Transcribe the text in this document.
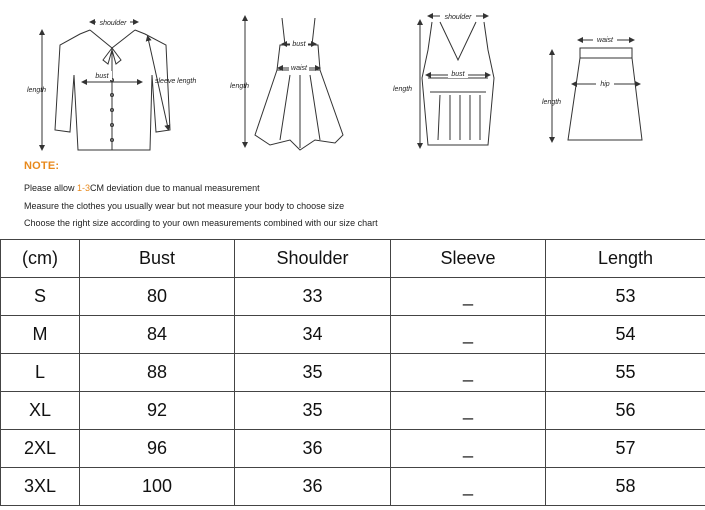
shoulder
bust
length
sleeve length
bust
waist
length
shoulder
bust
length
waist
hip
length
NOTE:
Please allow 1-3CM deviation due to manual measurement
Measure the clothes you usually wear but not measure your body to choose size
Choose the right size according to your own measurements combined with our size chart
(cm)	Bust	Shoulder	Sleeve	Length
S	80	33	_	53
M	84	34	_	54
L	88	35	_	55
XL	92	35	_	56
2XL	96	36	_	57
3XL	100	36	_	58
